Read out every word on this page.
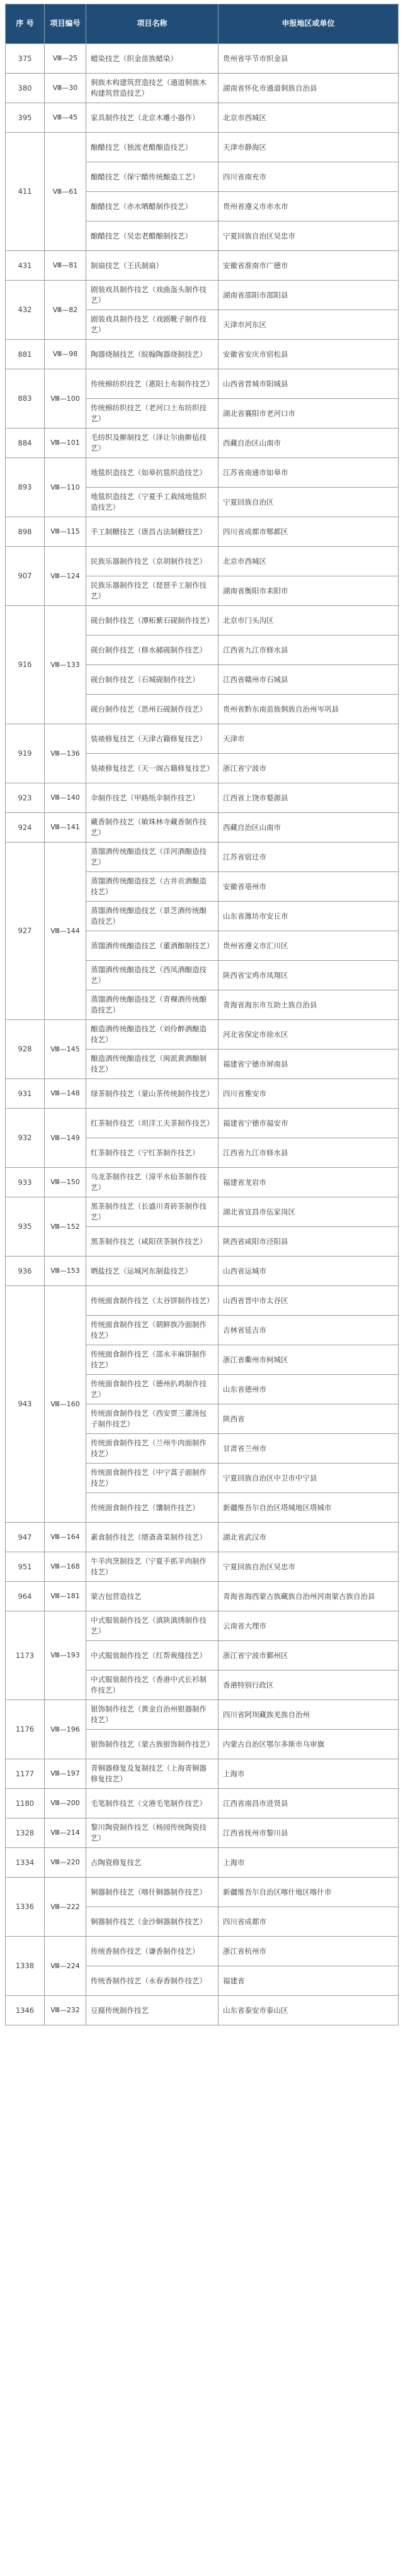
序 号	项目编号	项目名称	申报地区或单位
375	Ⅷ—25	蜡染技艺（织金苗族蜡染）	贵州省毕节市织金县
380	Ⅷ—30	侗族木构建筑营造技艺（通道侗族木构建筑营造技艺）	湖南省怀化市通道侗族自治县
395	Ⅷ—45	家具制作技艺（北京木雕小器作）	北京市西城区
411	Ⅷ—61	酿醋技艺（独流老醋酿造技艺）	天津市静海区
		酿醋技艺（保宁醋传统酿造工艺）	四川省南充市
		酿醋技艺（赤水晒醋制作技艺）	贵州省遵义市赤水市
		酿醋技艺（吴忠老醋酿制技艺）	宁夏回族自治区吴忠市
431	Ⅷ—81	制扇技艺（王氏制扇）	安徽省淮南市广德市
432	Ⅷ—82	剧装戏具制作技艺（戏曲盔头制作技艺）	湖南省邵阳市邵阳县
		剧装戏具制作技艺（戏剧靴子制作技艺）	天津市河东区
881	Ⅷ—98	陶器烧制技艺（皖翰陶器烧制技艺）	安徽省安庆市宿松县
883	Ⅷ—100	传统棉纺织技艺（惠阳土布制作技艺）	山西省晋城市阳城县
		传统棉纺织技艺（老河口土布纺织技艺）	湖北省襄阳市老河口市
884	Ⅷ—101	毛纺织及擀制技艺（泽让尔曲擀毡技艺）	西藏自治区山南市
893	Ⅷ—110	地毯织造技艺（如皋抗毯织造技艺）	江苏省南通市如皋市
		地毯织造技艺（宁夏手工栽绒地毯织造技艺）	宁夏回族自治区
898	Ⅷ—115	手工制糖技艺（唐昌古法制糖技艺）	四川省成都市郫都区
907	Ⅷ—124	民族乐器制作技艺（京胡制作技艺）	北京市西城区
		民族乐器制作技艺（琵琶手工制作技艺）	湖南省衡阳市耒阳市
916	Ⅷ—133	砚台制作技艺（潭柘紫石砚制作技艺）	北京市门头沟区
		砚台制作技艺（修水赭砚制作技艺）	江西省九江市修水县
		砚台制作技艺（石城砚制作技艺）	江西省赣州市石城县
		砚台制作技艺（思州石砚制作技艺）	贵州省黔东南苗族侗族自治州岑巩县
919	Ⅷ—136	装裱修复技艺（天津古籍修复技艺）	天津市
		装裱修复技艺（天一阁古籍修复技艺）	浙江省宁波市
923	Ⅷ—140	伞制作技艺（甲路纸伞制作技艺）	江西省上饶市婺源县
924	Ⅷ—141	藏香制作技艺（敏珠林寺藏香制作技艺）	西藏自治区山南市
927	Ⅷ—144	蒸馏酒传统酿造技艺（洋河酒酿造技艺）	江苏省宿迁市
		蒸馏酒传统酿造技艺（古井贡酒酿造技艺）	安徽省亳州市
		蒸馏酒传统酿造技艺（景芝酒传统酿造技艺）	山东省潍坊市安丘市
		蒸馏酒传统酿造技艺（董酒酿制技艺）	贵州省遵义市汇川区
		蒸馏酒传统酿造技艺（西凤酒酿造技艺）	陕西省宝鸡市凤翔区
		蒸馏酒传统酿造技艺（青稞酒传统酿造技艺）	青海省海东市互助土族自治县
928	Ⅷ—145	酿造酒传统酿造技艺（刘伶醉酒酿造技艺）	河北省保定市徐水区
		酿造酒传统酿造技艺（闽派黄酒酿制技艺）	福建省宁德市屏南县
931	Ⅷ—148	绿茶制作技艺（蒙山茶传统制作技艺）	四川省雅安市
932	Ⅷ—149	红茶制作技艺（坦洋工夫茶制作技艺）	福建省宁德市福安市
		红茶制作技艺（宁红茶制作技艺）	江西省九江市修水县
933	Ⅷ—150	乌龙茶制作技艺（漳平水仙茶制作技艺）	福建省龙岩市
935	Ⅷ—152	黑茶制作技艺（长盛川青砖茶制作技艺）	湖北省宜昌市伍家岗区
		黑茶制作技艺（咸阳茯茶制作技艺）	陕西省咸阳市泾阳县
936	Ⅷ—153	晒盐技艺（运城河东制盐技艺）	山西省运城市
943	Ⅷ—160	传统面食制作技艺（太谷饼制作技艺）	山西省晋中市太谷区
		传统面食制作技艺（朝鲜族冷面制作技艺）	吉林省延吉市
		传统面食制作技艺（邵永丰麻饼制作技艺）	浙江省衢州市柯城区
		传统面食制作技艺（德州扒鸡制作技艺）	山东省德州市
		传统面食制作技艺（西安贾三灌汤包子制作技艺）	陕西省
		传统面食制作技艺（兰州牛肉面制作技艺）	甘肃省兰州市
		传统面食制作技艺（中宁蒿子面制作技艺）	宁夏回族自治区中卫市中宁县
		传统面食制作技艺（馕制作技艺）	新疆维吾尔自治区塔城地区塔城市
947	Ⅷ—164	素食制作技艺（缙斋斋菜制作技艺）	湖北省武汉市
951	Ⅷ—168	牛羊肉烹制技艺（宁夏手抓羊肉制作技艺）	宁夏回族自治区吴忠市
964	Ⅷ—181	蒙古包营造技艺	青海省海西蒙古族藏族自治州河南蒙古族自治县
1173	Ⅷ—193	中式服装制作技艺（滇陕滇绣制作技艺）	云南省大理市
		中式服装制作技艺（红帮裁缝技艺）	浙江省宁波市鄞州区
		中式服装制作技艺（香港中式长衫制作技艺）	香港特别行政区
1176	Ⅷ—196	银饰制作技艺（黄金自治州银器制作技艺）	四川省阿坝藏族羌族自治州
		银饰制作技艺（蒙古族银饰制作技艺）	内蒙古自治区鄂尔多斯市乌审旗
1177	Ⅷ—197	青铜器修复及复制技艺（上海青铜器修复技艺）	上海市
1180	Ⅷ—200	毛笔制作技艺（文港毛笔制作技艺）	江西省南昌市进贤县
1328	Ⅷ—214	黎川陶瓷制作技艺（杨园传统陶瓷技艺）	江西省抚州市黎川县
1334	Ⅷ—220	古陶瓷修复技艺	上海市
1336	Ⅷ—222	铜器制作技艺（喀什铜器制作技艺）	新疆维吾尔自治区喀什地区喀什市
		铜器制作技艺（金沙铜器制作技艺）	四川省成都市
1338	Ⅷ—224	传统香制作技艺（谦香制作技艺）	浙江省杭州市
		传统香制作技艺（永春香制作技艺）	福建省
1346	Ⅷ—232	豆腐传统制作技艺	山东省泰安市泰山区
